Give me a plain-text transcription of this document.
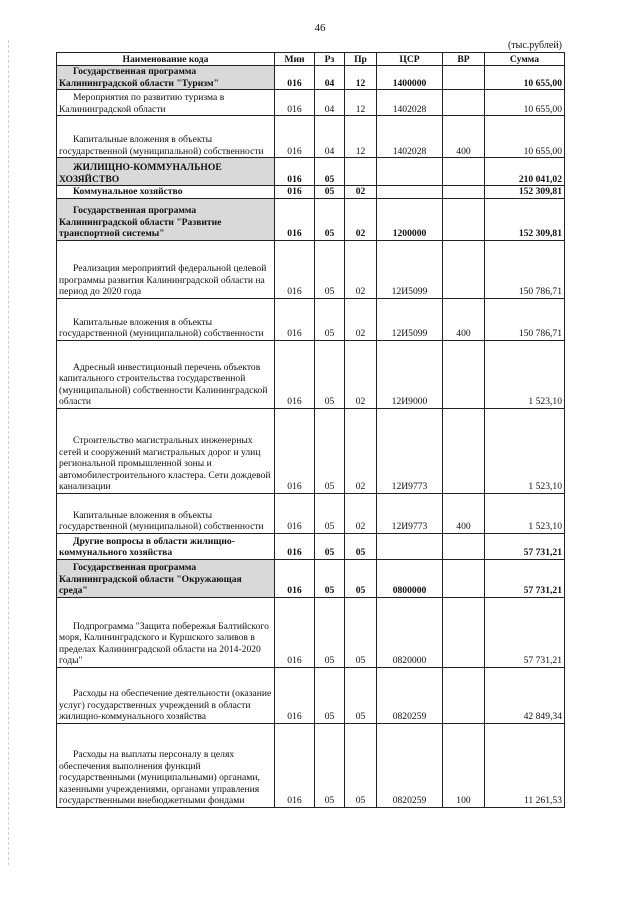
46
(тыс.рублей)
Наименование кода	Мин	Рз	Пр	ЦСР	ВР	Сумма
Государственная программа Калининградской области "Туризм"	016	04	12	1400000		10 655,00
Мероприятия по развитию туризма в Калининградской области	016	04	12	1402028		10 655,00
Капитальные вложения в объекты государственной (муниципальной) собственности	016	04	12	1402028	400	10 655,00
ЖИЛИЩНО-КОММУНАЛЬНОЕ ХОЗЯЙСТВО	016	05				210 041,02
Коммунальное хозяйство	016	05	02			152 309,81
Государственная программа Калининградской области "Развитие транспортной системы"	016	05	02	1200000		152 309,81
Реализация мероприятий федеральной целевой программы развития Калининградской области на период до 2020 года	016	05	02	12И5099		150 786,71
Капитальные вложения в объекты государственной (муниципальной) собственности	016	05	02	12И5099	400	150 786,71
Адресный инвестиционый перечень объектов капитального строительства государственной (муниципальной) собственности Калининградской области	016	05	02	12И9000		1 523,10
Строительство магистральных инженерных сетей и сооружений магистральных дорог и улиц региональной промышленной зоны и автомобилестроительного кластера. Сети дождевой канализации	016	05	02	12И9773		1 523,10
Капитальные вложения в объекты государственной (муниципальной) собственности	016	05	02	12И9773	400	1 523,10
Другие вопросы в области жилищно-коммунального хозяйства	016	05	05			57 731,21
Государственная программа Калининградской области "Окружающая среда"	016	05	05	0800000		57 731,21
Подпрограмма "Защита побережья Балтийского моря, Калининградского и Куршского заливов в пределах Калининградской области на 2014-2020 годы"	016	05	05	0820000		57 731,21
Расходы на обеспечение деятельности (оказание услуг) государственных учреждений в области жилищно-коммунального хозяйства	016	05	05	0820259		42 849,34
Расходы на выплаты персоналу в целях обеспечения выполнения функций государственными (муниципальными) органами, казенными учреждениями, органами управления государственными внебюджетными фондами	016	05	05	0820259	100	11 261,53
